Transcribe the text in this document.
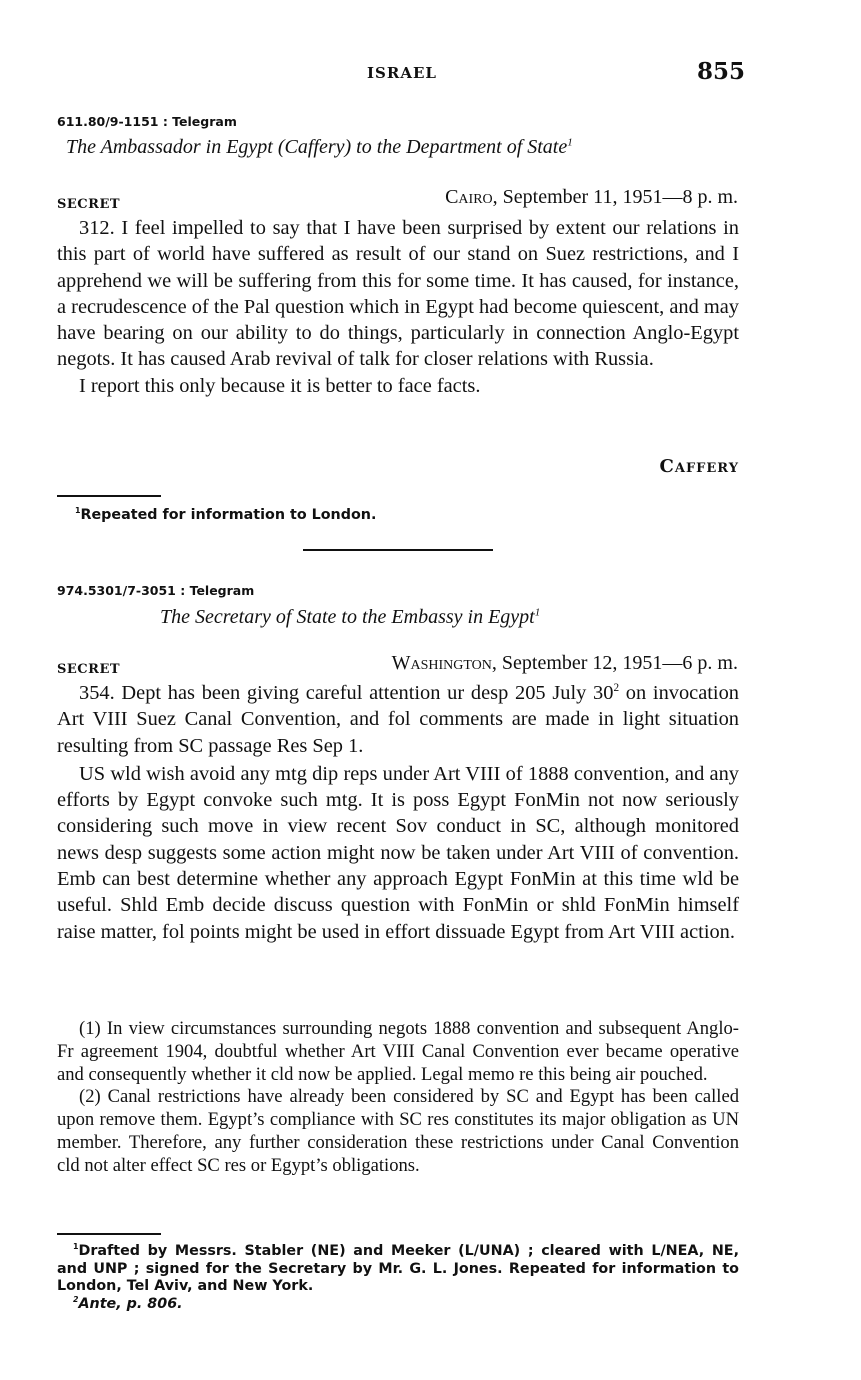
ISRAEL	855
611.80/9-1151 : Telegram
The Ambassador in Egypt (Caffery) to the Department of State$^1$
SECRET	Cairo, September 11, 1951—8 p. m.

312. I feel impelled to say that I have been surprised by extent our relations in this part of world have suffered as result of our stand on Suez restrictions, and I apprehend we will be suffering from this for some time. It has caused, for instance, a recrudescence of the Pal question which in Egypt had become quiescent, and may have bearing on our ability to do things, particularly in connection Anglo-Egypt negots. It has caused Arab revival of talk for closer relations with Russia.

I report this only because it is better to face facts.

Caffery
$^1$Repeated for information to London.
974.5301/7-3051 : Telegram
The Secretary of State to the Embassy in Egypt$^1$
SECRET	Washington, September 12, 1951—6 p. m.

354. Dept has been giving careful attention ur desp 205 July $30^2$ on invocation Art VIII Suez Canal Convention, and fol comments are made in light situation resulting from SC passage Res Sep 1.

US wld wish avoid any mtg dip reps under Art VIII of 1888 convention, and any efforts by Egypt convoke such mtg. It is poss Egypt FonMin not now seriously considering such move in view recent Sov conduct in SC, although monitored news desp suggests some action might now be taken under Art VIII of convention. Emb can best determine whether any approach Egypt FonMin at this time wld be useful. Shld Emb decide discuss question with FonMin or shld FonMin himself raise matter, fol points might be used in effort dissuade Egypt from Art VIII action.

(1) In view circumstances surrounding negots 1888 convention and subsequent Anglo-Fr agreement 1904, doubtful whether Art VIII Canal Convention ever became operative and consequently whether it cld now be applied. Legal memo re this being air pouched.

(2) Canal restrictions have already been considered by SC and Egypt has been called upon remove them. Egypt’s compliance with SC res constitutes its major obligation as UN member. Therefore, any further consideration these restrictions under Canal Convention cld not alter effect SC res or Egypt’s obligations.

$^1$Drafted by Messrs. Stabler (NE) and Meeker (L/UNA) ; cleared with L/NEA, NE, and UNP ; signed for the Secretary by Mr. G. L. Jones. Repeated for information to London, Tel Aviv, and New York.
$^2$Ante, p. 806.
